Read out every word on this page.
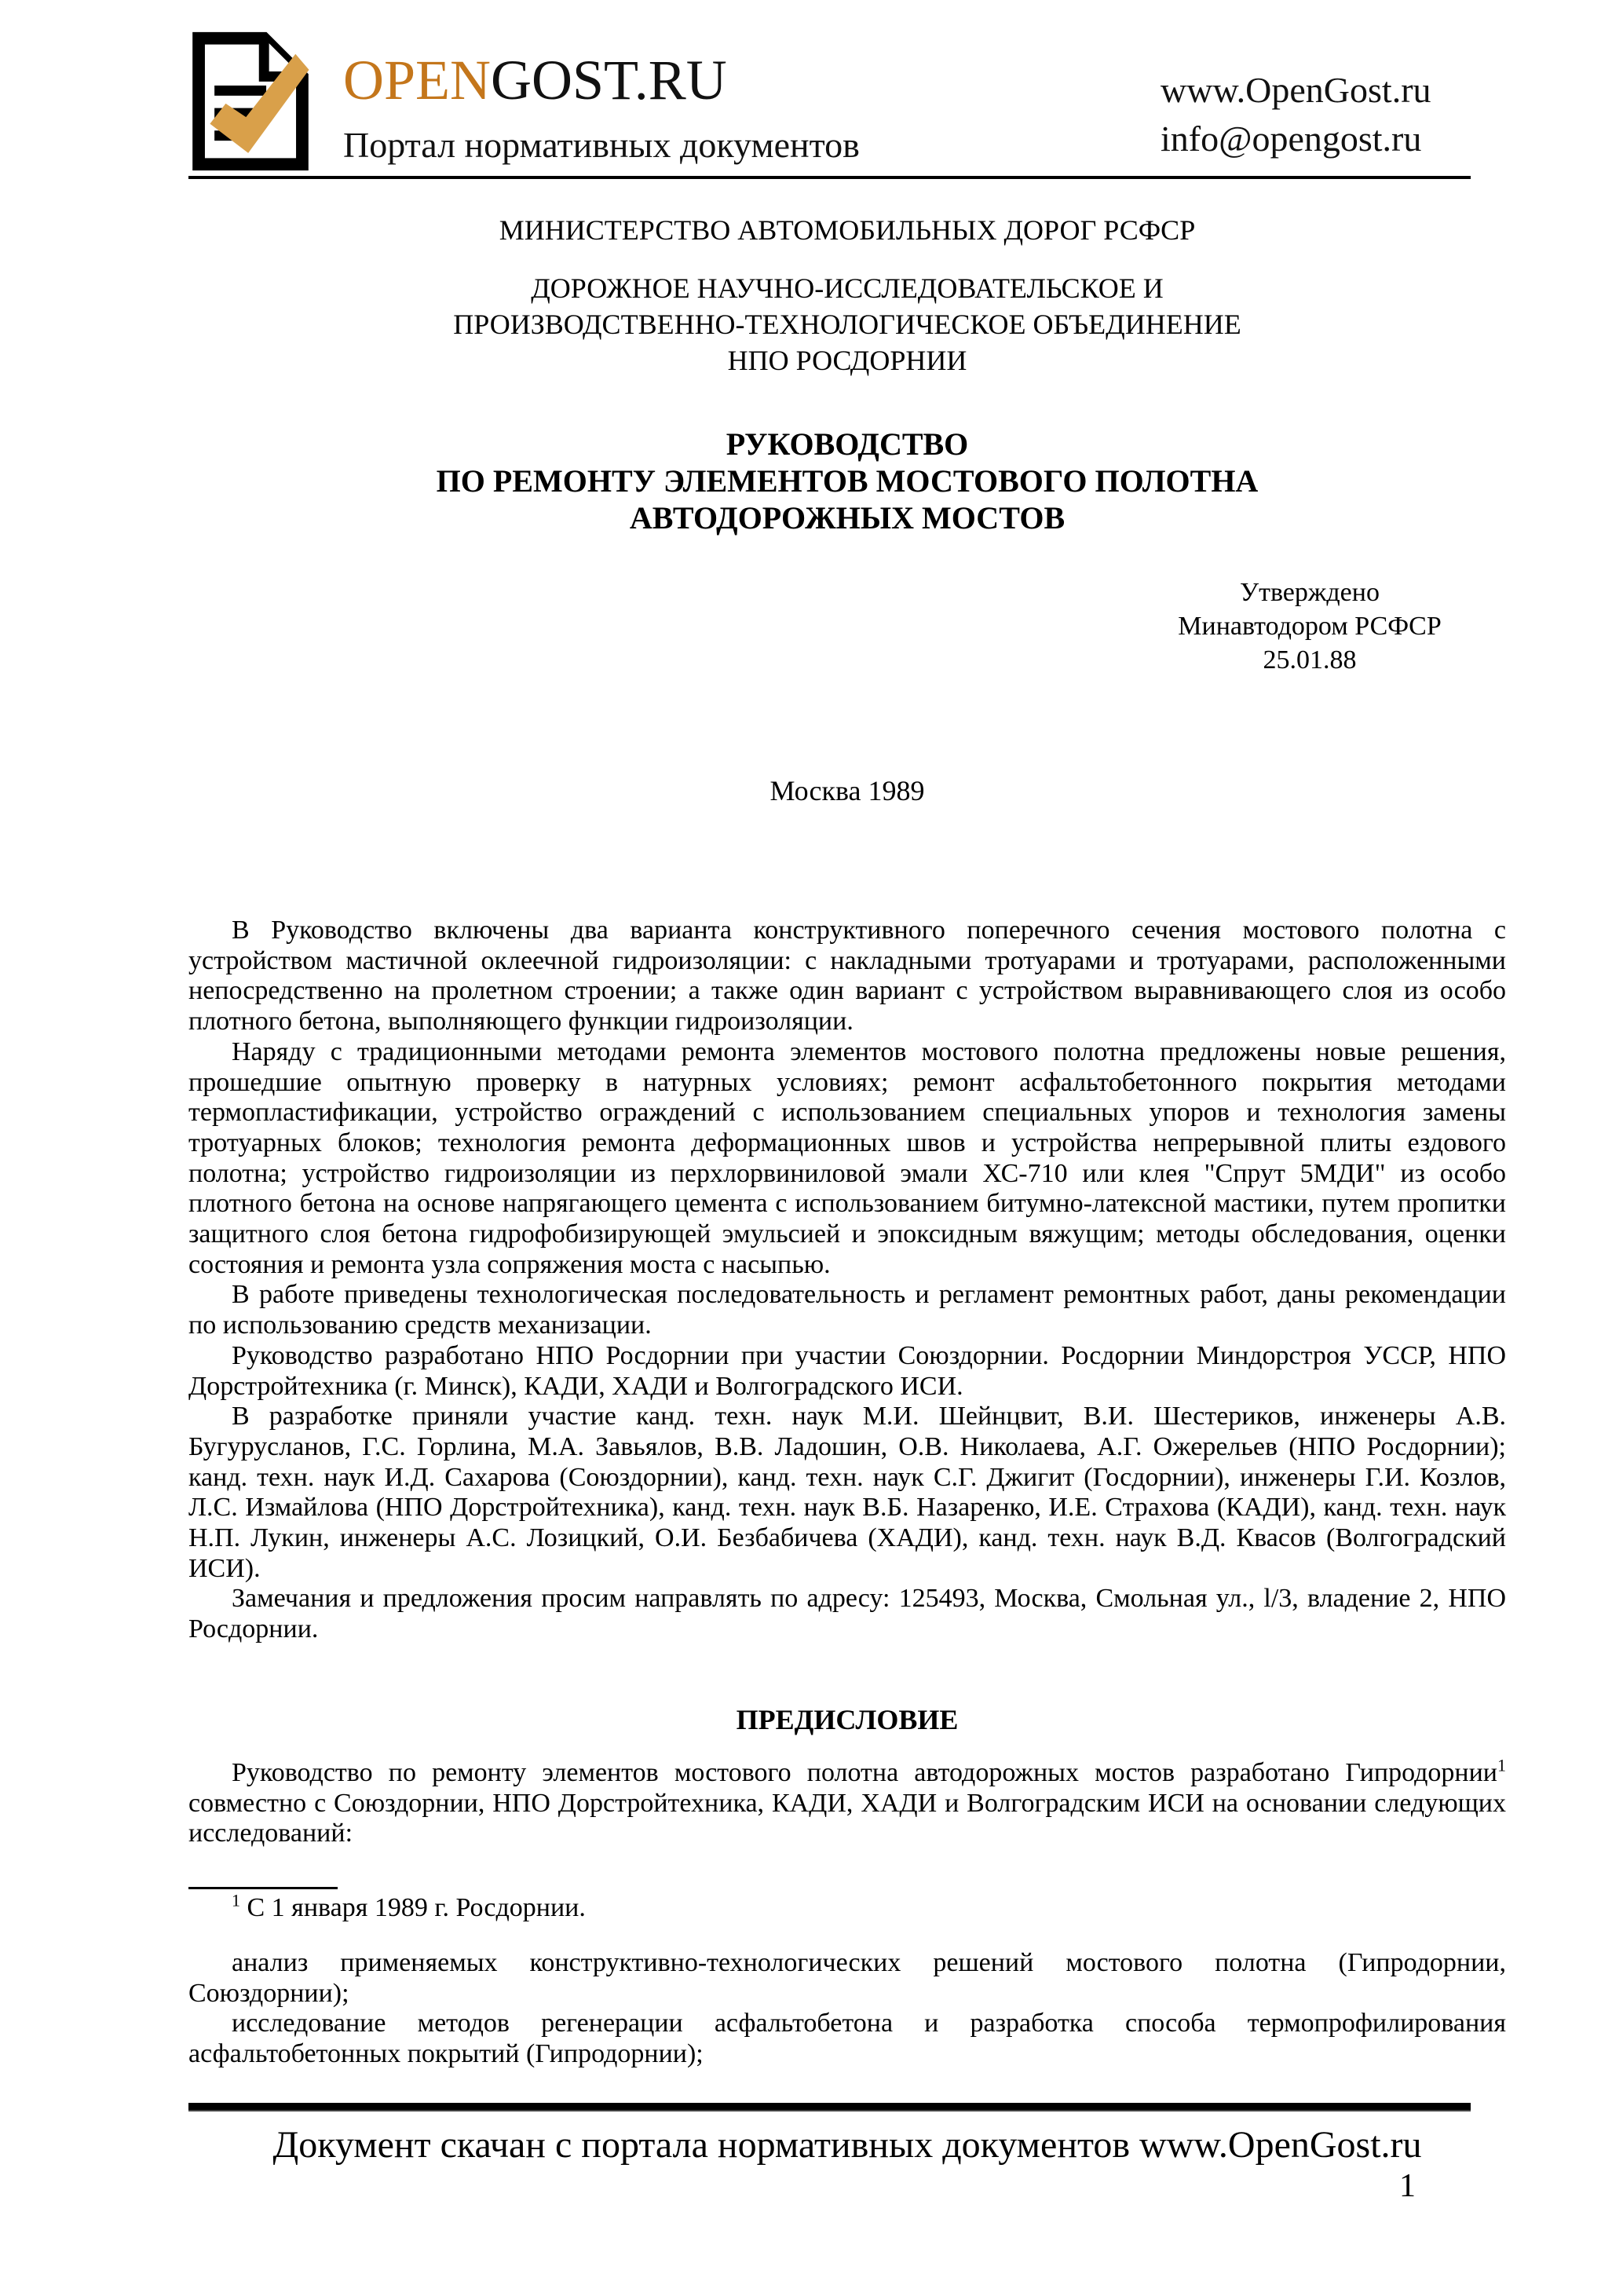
OPENGOST.RU
Портал нормативных документов
www.OpenGost.ru
info@opengost.ru
МИНИСТЕРСТВО АВТОМОБИЛЬНЫХ ДОРОГ РСФСР
ДОРОЖНОЕ НАУЧНО-ИССЛЕДОВАТЕЛЬСКОЕ И
ПРОИЗВОДСТВЕННО-ТЕХНОЛОГИЧЕСКОЕ ОБЪЕДИНЕНИЕ
НПО РОСДОРНИИ
РУКОВОДСТВО
ПО РЕМОНТУ ЭЛЕМЕНТОВ МОСТОВОГО ПОЛОТНА
АВТОДОРОЖНЫХ МОСТОВ
Утверждено
Минавтодором РСФСР
25.01.88
Москва 1989

В Руководство включены два варианта конструктивного поперечного сечения мостового полотна с устройством мастичной оклеечной гидроизоляции: с накладными тротуарами и тротуарами, расположенными непосредственно на пролетном строении; а также один вариант с устройством выравнивающего слоя из особо плотного бетона, выполняющего функции гидроизоляции.

Наряду с традиционными методами ремонта элементов мостового полотна предложены новые решения, прошедшие опытную проверку в натурных условиях; ремонт асфальтобетонного покрытия методами термопластификации, устройство ограждений с использованием специальных упоров и технология замены тротуарных блоков; технология ремонта деформационных швов и устройства непрерывной плиты ездового полотна; устройство гидроизоляции из перхлорвиниловой эмали ХС-710 или клея "Спрут 5МДИ" из особо плотного бетона на основе напрягающего цемента с использованием битумно-латексной мастики, путем пропитки защитного слоя бетона гидрофобизирующей эмульсией и эпоксидным вяжущим; методы обследования, оценки состояния и ремонта узла сопряжения моста с насыпью.

В работе приведены технологическая последовательность и регламент ремонтных работ, даны рекомендации по использованию средств механизации.

Руководство разработано НПО Росдорнии при участии Союздорнии. Росдорнии Миндорстроя УССР, НПО Дорстройтехника (г. Минск), КАДИ, ХАДИ и Волгоградского ИСИ.

В разработке приняли участие канд. техн. наук М.И. Шейнцвит, В.И. Шестериков, инженеры А.В. Бугурусланов, Г.С. Горлина, М.А. Завьялов, В.В. Ладошин, О.В. Николаева, А.Г. Ожерельев (НПО Росдорнии); канд. техн. наук И.Д. Сахарова (Союздорнии), канд. техн. наук С.Г. Джигит (Госдорнии), инженеры Г.И. Козлов, Л.С. Измайлова (НПО Дорстройтехника), канд. техн. наук В.Б. Назаренко, И.Е. Страхова (КАДИ), канд. техн. наук Н.П. Лукин, инженеры А.С. Лозицкий, О.И. Безбабичева (ХАДИ), канд. техн. наук В.Д. Квасов (Волгоградский ИСИ).

Замечания и предложения просим направлять по адресу: 125493, Москва, Смольная ул., l/3, владение 2, НПО Росдорнии.

ПРЕДИСЛОВИЕ

Руководство по ремонту элементов мостового полотна автодорожных мостов разработано Гипродорнии$^1$ совместно с Союздорнии, НПО Дорстройтехника, КАДИ, ХАДИ и Волгоградским ИСИ на основании следующих исследований:

$^1$ С 1 января 1989 г. Росдорнии.

анализ применяемых конструктивно-технологических решений мостового полотна (Гипродорнии, Союздорнии);

исследование методов регенерации асфальтобетона и разработка способа термопрофилирования асфальтобетонных покрытий (Гипродорнии);

Документ скачан с портала нормативных документов www.OpenGost.ru
1
